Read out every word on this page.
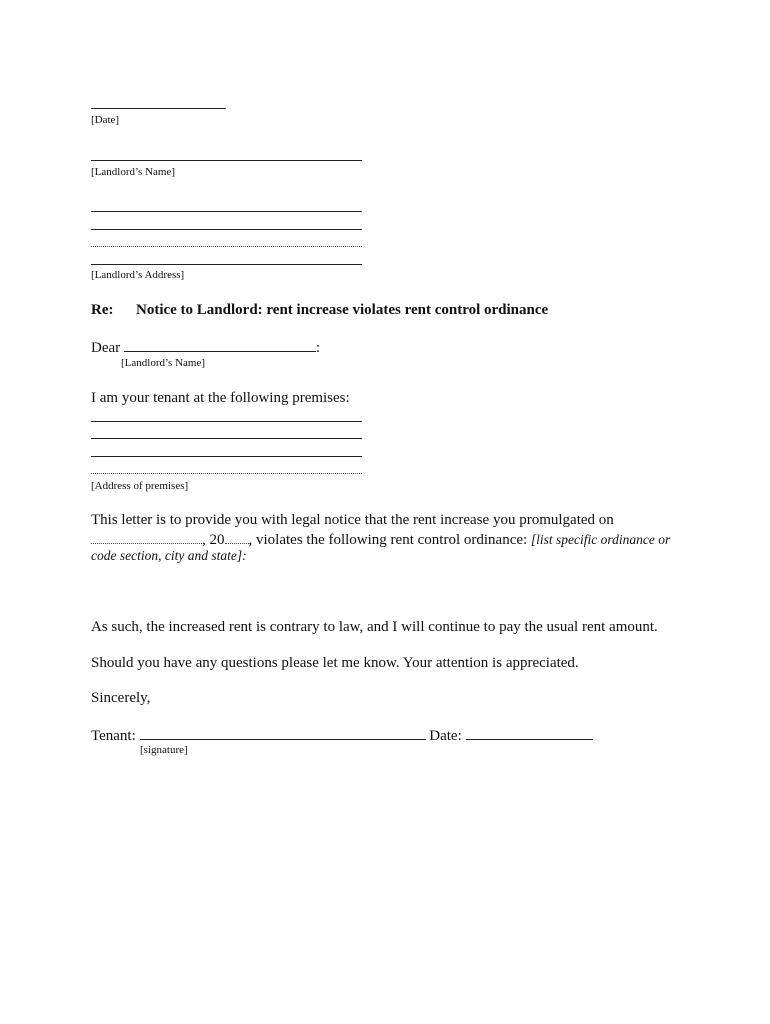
[Date]
[Landlord’s Name]
[Landlord’s Address]
Re: Notice to Landlord: rent increase violates rent control ordinance
Dear	:
[Landlord’s Name]
I am your tenant at the following premises:
[Address of premises]
This letter is to provide you with legal notice that the rent increase you promulgated on
, 20 , violates the following rent control ordinance: [list specific ordinance or
code section, city and state]:
As such, the increased rent is contrary to law, and I will continue to pay the usual rent amount.
Should you have any questions please let me know. Your attention is appreciated.
Sincerely,
Tenant:	Date:
[signature]
